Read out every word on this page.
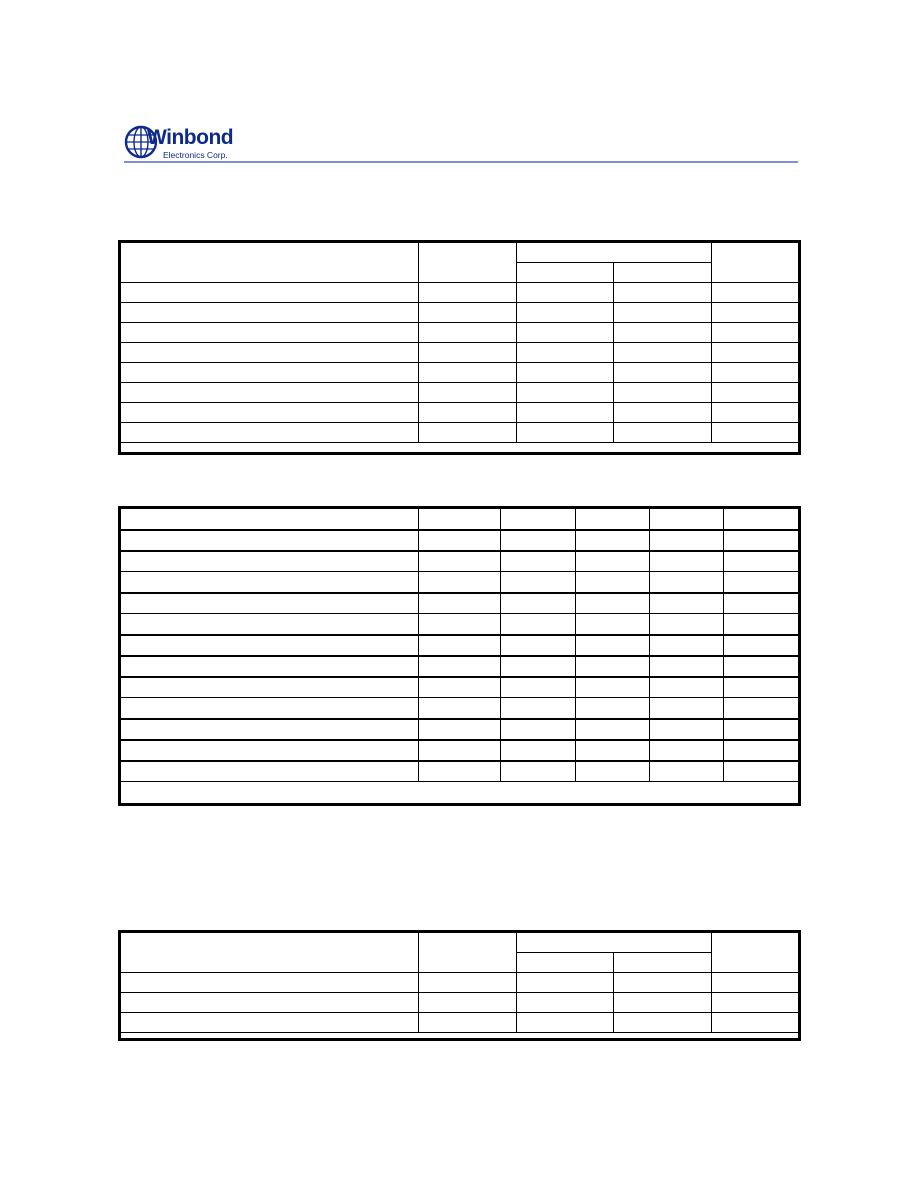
Winbond
Electronics Corp.
